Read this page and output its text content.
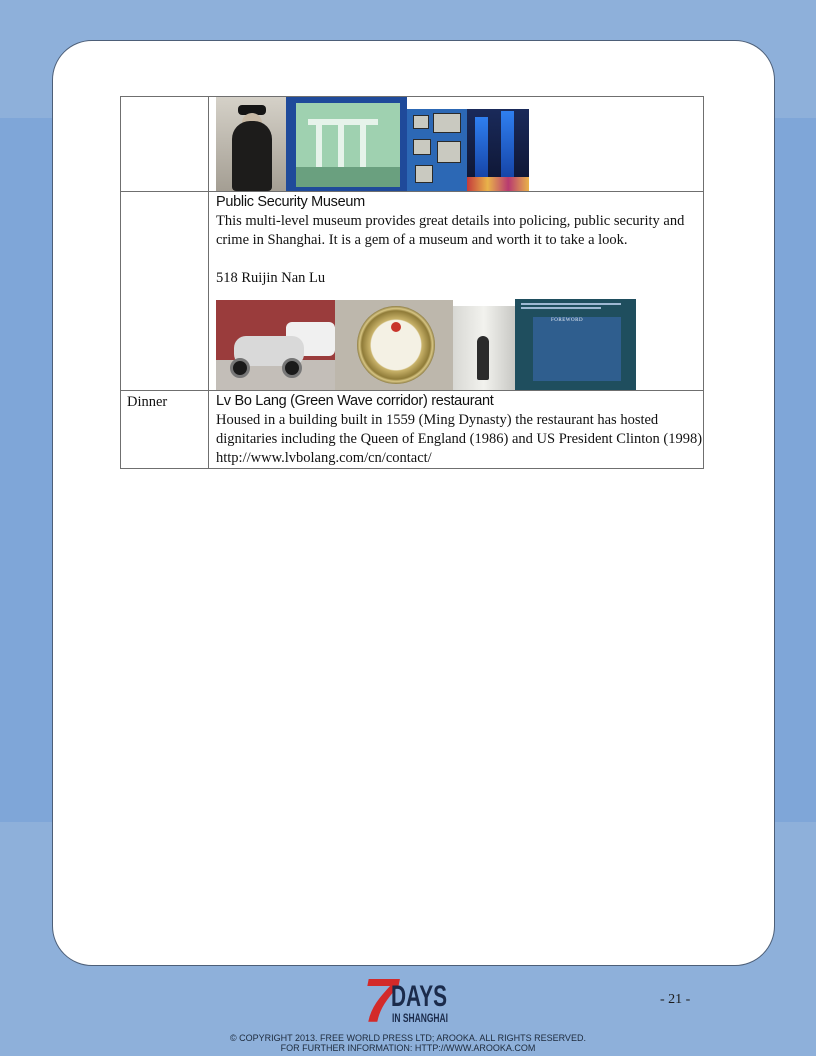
	Public Security Museum
This multi-level museum provides great details into policing, public security and crime in Shanghai. It is a gem of a museum and worth it to take a look.
518 Ruijin Nan Lu
FOREWORD

Dinner	Lv Bo Lang (Green Wave corridor) restaurant
Housed in a building built in 1559 (Ming Dynasty) the restaurant has hosted dignitaries including the Queen of England (1986) and US President Clinton (1998)
http://www.lvbolang.com/cn/contact/
7
DAYS
IN SHANGHAI
- 21 -
© COPYRIGHT 2013. FREE WORLD PRESS LTD; AROOKA. ALL RIGHTS RESERVED.
FOR FURTHER INFORMATION: HTTP://WWW.AROOKA.COM
